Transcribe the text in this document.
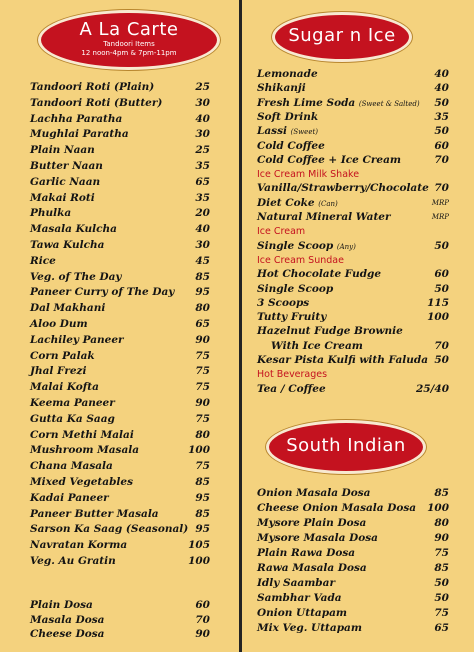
A La Carte
Tandoori Items
12 noon-4pm & 7pm-11pm
Sugar n Ice
South Indian
Tandoori Roti (Plain)	25
Tandoori Roti (Butter)	30
Lachha Paratha	40
Mughlai Paratha	30
Plain Naan	25
Butter Naan	35
Garlic Naan	65
Makai Roti	35
Phulka	20
Masala Kulcha	40
Tawa Kulcha	30
Rice	45
Veg. of The Day	85
Paneer Curry of The Day 95
Dal Makhani	80
Aloo Dum	65
Lachiley Paneer	90
Corn Palak	75
Jhal Frezi	75
Malai Kofta	75
Keema Paneer	90
Gutta Ka Saag	75
Corn Methi Malai	80
Mushroom Masala	100
Chana Masala	75
Mixed Vegetables	85
Kadai Paneer	95
Paneer Butter Masala	85
Sarson Ka Saag (Seasonal) 95
Navratan Korma	105
Veg. Au Gratin	100
Plain Dosa	60
Masala Dosa	70
Cheese Dosa	90
Lemonade	40
Shikanji	40
Fresh Lime Soda (Sweet & Salted) 50
Soft Drink	35
Lassi (Sweet)	50
Cold Coffee	60
Cold Coffee + Ice Cream	70
Ice Cream Milk Shake
Vanilla/Strawberry/Chocolate 70
Diet Coke (Can)	MRP
Natural Mineral Water	MRP
Ice Cream
Single Scoop (Any)	50
Ice Cream Sundae
Hot Chocolate Fudge	60
Single Scoop	50
3 Scoops	115
Tutty Fruity	100
Hazelnut Fudge Brownie
With Ice Cream	70
Kesar Pista Kulfi with Faluda 50
Hot Beverages
Tea / Coffee	25/40
Onion Masala Dosa	85
Cheese Onion Masala Dosa 100
Mysore Plain Dosa	80
Mysore Masala Dosa	90
Plain Rawa Dosa	75
Rawa Masala Dosa	85
Idly Saambar	50
Sambhar Vada	50
Onion Uttapam	75
Mix Veg. Uttapam	65
